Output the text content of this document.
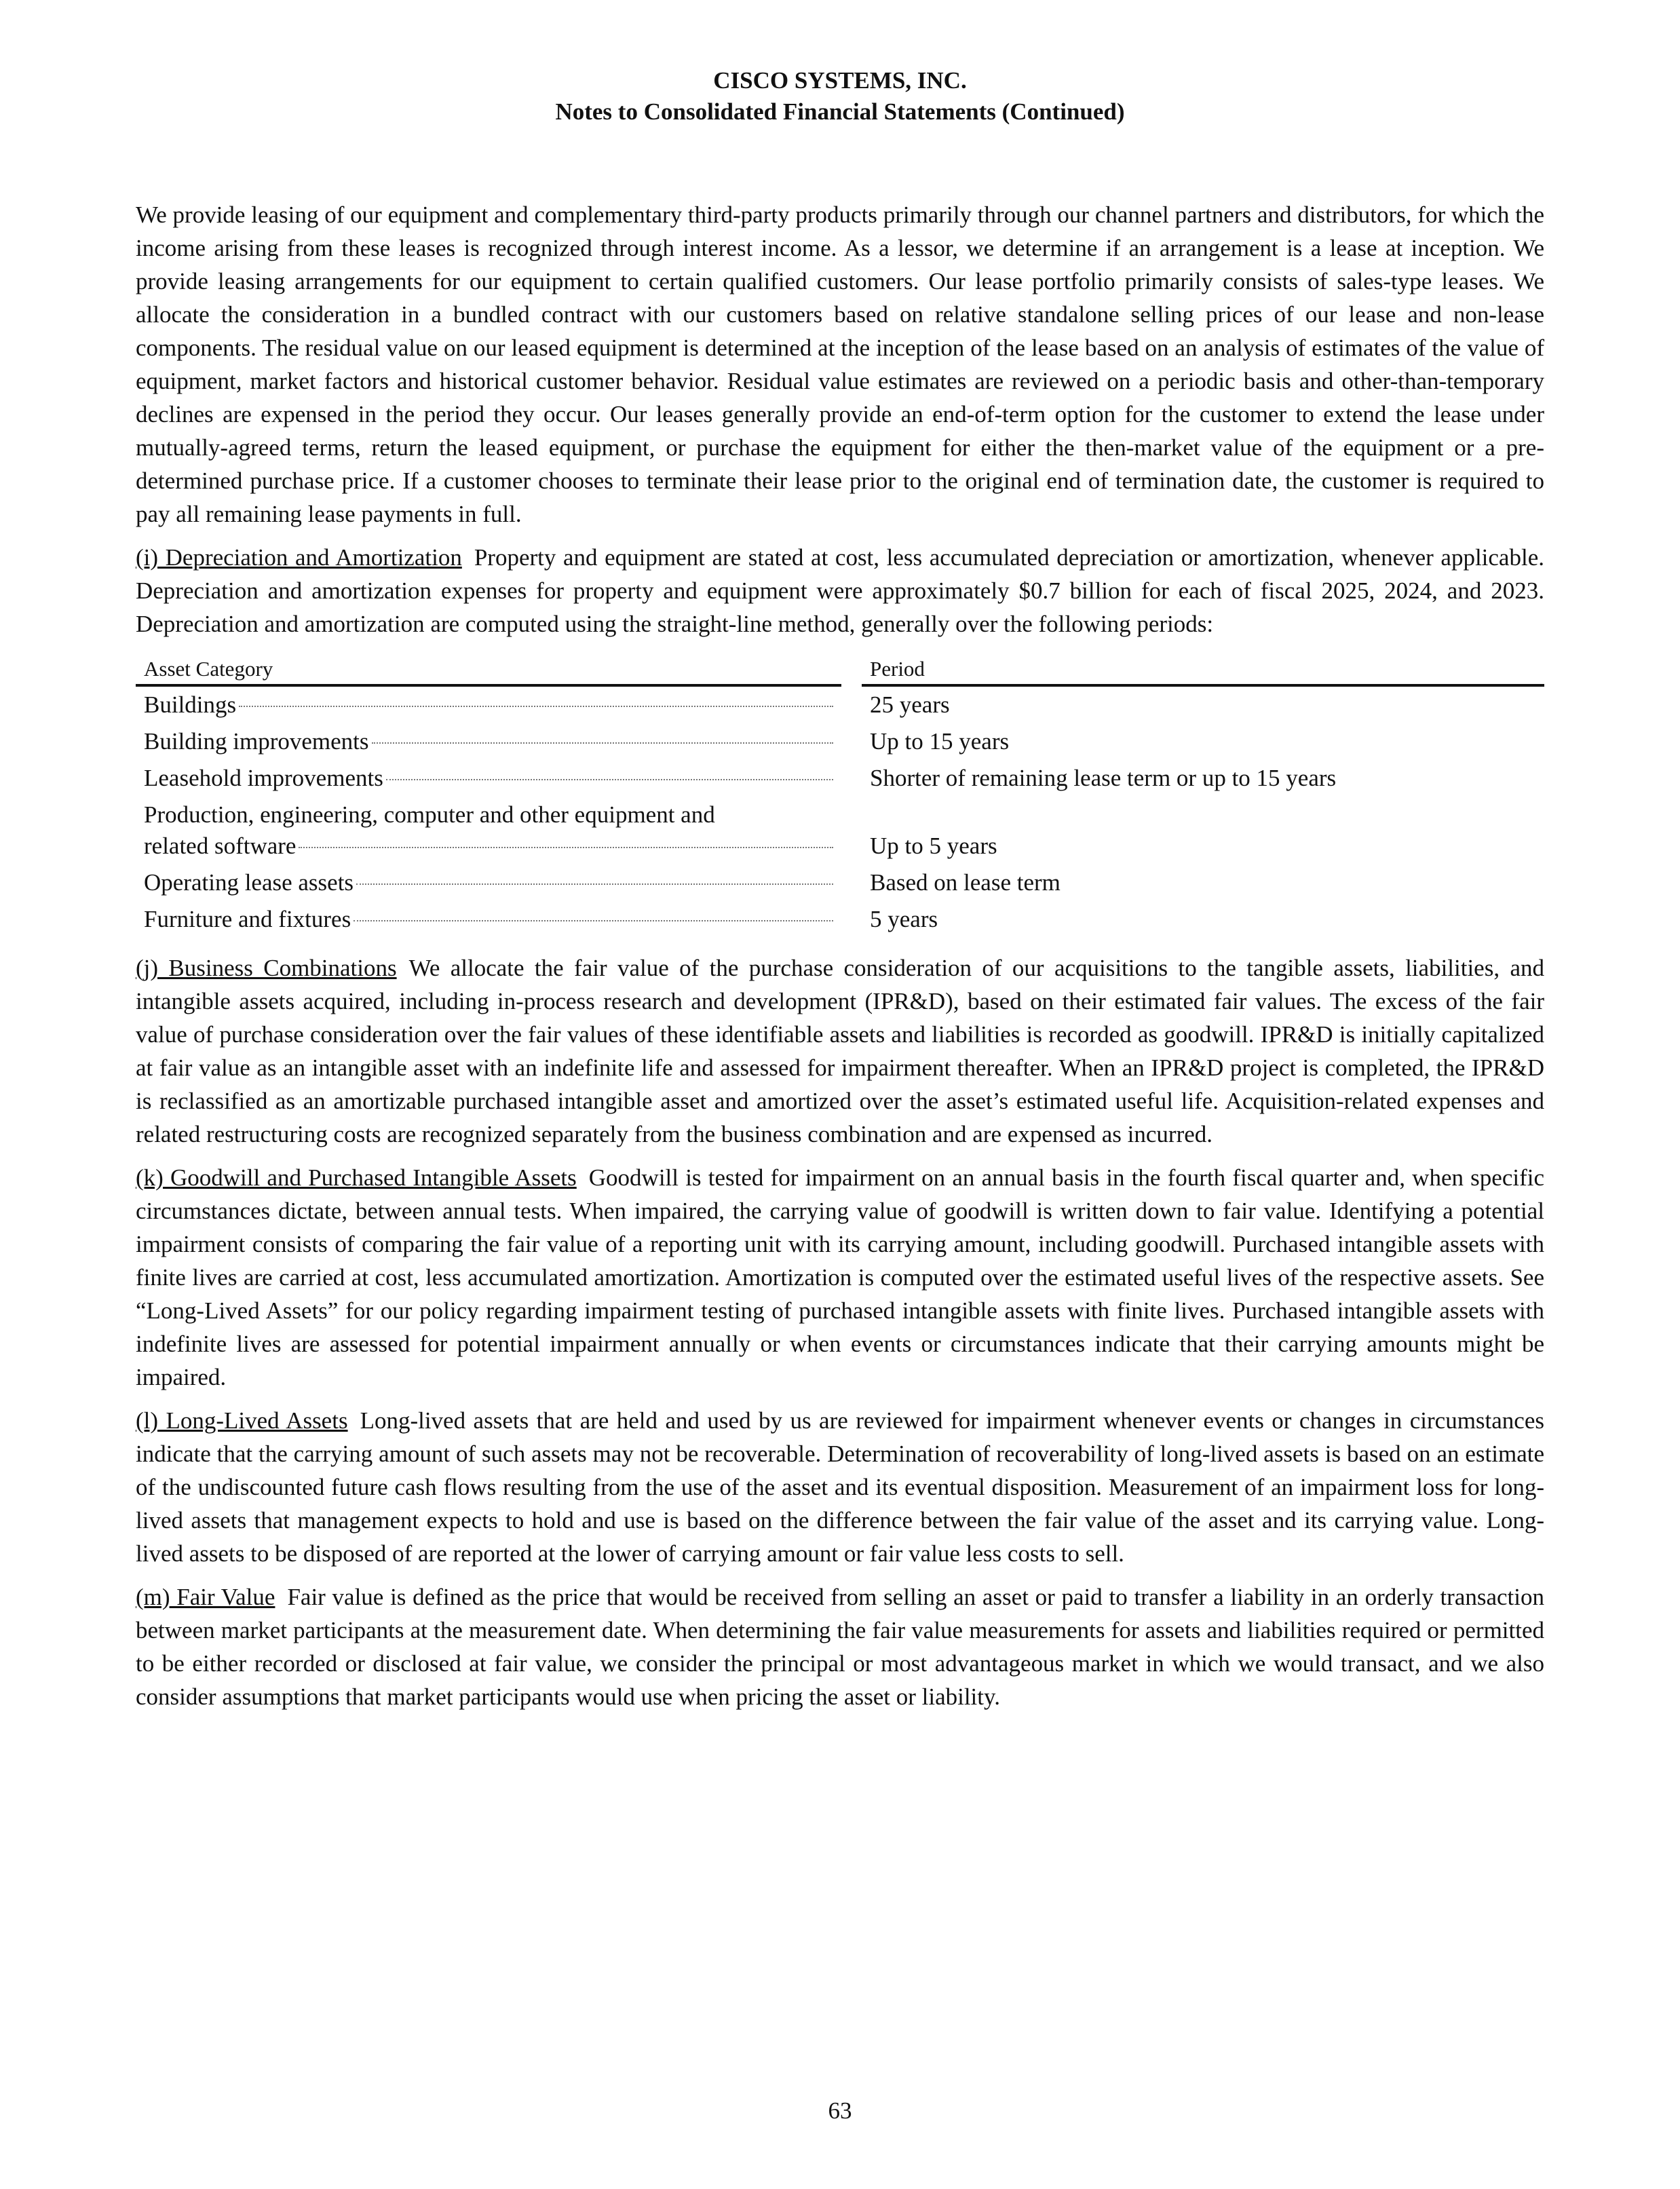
CISCO SYSTEMS, INC.
Notes to Consolidated Financial Statements (Continued)

We provide leasing of our equipment and complementary third-party products primarily through our channel partners and distributors, for which the income arising from these leases is recognized through interest income. As a lessor, we determine if an arrangement is a lease at inception. We provide leasing arrangements for our equipment to certain qualified customers. Our lease portfolio primarily consists of sales-type leases. We allocate the consideration in a bundled contract with our customers based on relative standalone selling prices of our lease and non-lease components. The residual value on our leased equipment is determined at the inception of the lease based on an analysis of estimates of the value of equipment, market factors and historical customer behavior. Residual value estimates are reviewed on a periodic basis and other-than-temporary declines are expensed in the period they occur. Our leases generally provide an end-of-term option for the customer to extend the lease under mutually-agreed terms, return the leased equipment, or purchase the equipment for either the then-market value of the equipment or a pre-determined purchase price. If a customer chooses to terminate their lease prior to the original end of termination date, the customer is required to pay all remaining lease payments in full.

(i) Depreciation and Amortization Property and equipment are stated at cost, less accumulated depreciation or amortization, whenever applicable. Depreciation and amortization expenses for property and equipment were approximately $0.7 billion for each of fiscal 2025, 2024, and 2023. Depreciation and amortization are computed using the straight-line method, generally over the following periods:

Asset Category		Period

Buildings		25 years

Building improvements		Up to 15 years

Leasehold improvements		Shorter of remaining lease term or up to 15 years

Production, engineering, computer and other equipment and
related software		Up to 5 years

Operating lease assets		Based on lease term

Furniture and fixtures		5 years

(j) Business Combinations We allocate the fair value of the purchase consideration of our acquisitions to the tangible assets, liabilities, and intangible assets acquired, including in-process research and development (IPR&D), based on their estimated fair values. The excess of the fair value of purchase consideration over the fair values of these identifiable assets and liabilities is recorded as goodwill. IPR&D is initially capitalized at fair value as an intangible asset with an indefinite life and assessed for impairment thereafter. When an IPR&D project is completed, the IPR&D is reclassified as an amortizable purchased intangible asset and amortized over the asset’s estimated useful life. Acquisition-related expenses and related restructuring costs are recognized separately from the business combination and are expensed as incurred.

(k) Goodwill and Purchased Intangible Assets Goodwill is tested for impairment on an annual basis in the fourth fiscal quarter and, when specific circumstances dictate, between annual tests. When impaired, the carrying value of goodwill is written down to fair value. Identifying a potential impairment consists of comparing the fair value of a reporting unit with its carrying amount, including goodwill. Purchased intangible assets with finite lives are carried at cost, less accumulated amortization. Amortization is computed over the estimated useful lives of the respective assets. See “Long-Lived Assets” for our policy regarding impairment testing of purchased intangible assets with finite lives. Purchased intangible assets with indefinite lives are assessed for potential impairment annually or when events or circumstances indicate that their carrying amounts might be impaired.

(l) Long-Lived Assets Long-lived assets that are held and used by us are reviewed for impairment whenever events or changes in circumstances indicate that the carrying amount of such assets may not be recoverable. Determination of recoverability of long-lived assets is based on an estimate of the undiscounted future cash flows resulting from the use of the asset and its eventual disposition. Measurement of an impairment loss for long-lived assets that management expects to hold and use is based on the difference between the fair value of the asset and its carrying value. Long-lived assets to be disposed of are reported at the lower of carrying amount or fair value less costs to sell.

(m) Fair Value Fair value is defined as the price that would be received from selling an asset or paid to transfer a liability in an orderly transaction between market participants at the measurement date. When determining the fair value measurements for assets and liabilities required or permitted to be either recorded or disclosed at fair value, we consider the principal or most advantageous market in which we would transact, and we also consider assumptions that market participants would use when pricing the asset or liability.

63
